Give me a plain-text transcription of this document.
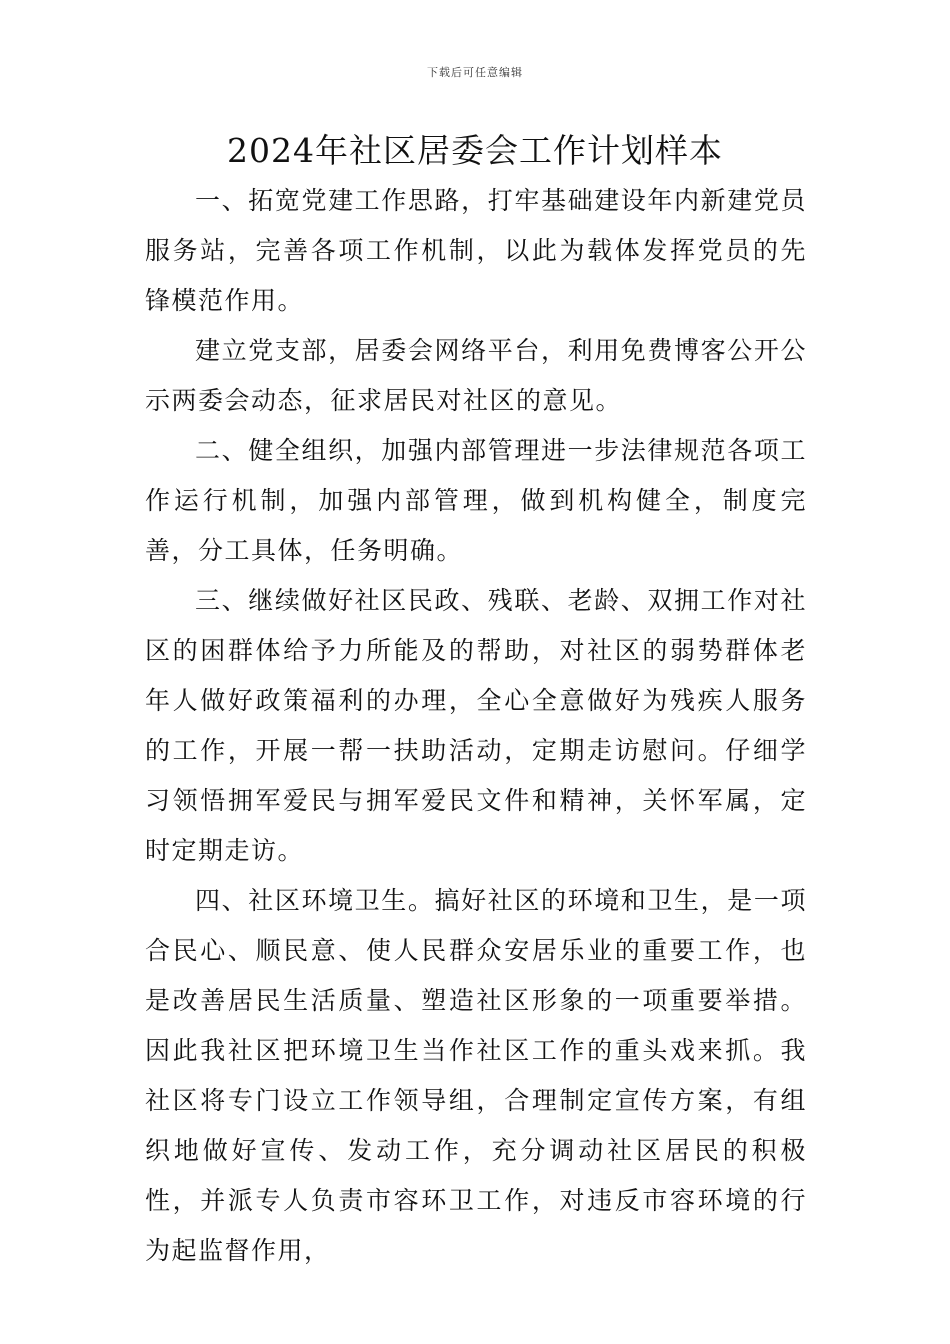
下载后可任意编辑
2024年社区居委会工作计划样本

一、拓宽党建工作思路，打牢基础建设年内新建党员服务站，完善各项工作机制，以此为载体发挥党员的先锋模范作用。

建立党支部，居委会网络平台，利用免费博客公开公示两委会动态，征求居民对社区的意见。

二、健全组织，加强内部管理进一步法律规范各项工作运行机制，加强内部管理，做到机构健全，制度完善，分工具体，任务明确。

三、继续做好社区民政、残联、老龄、双拥工作对社区的困群体给予力所能及的帮助，对社区的弱势群体老年人做好政策福利的办理，全心全意做好为残疾人服务的工作，开展一帮一扶助活动，定期走访慰问。仔细学习领悟拥军爱民与拥军爱民文件和精神，关怀军属，定时定期走访。

四、社区环境卫生。搞好社区的环境和卫生，是一项合民心、顺民意、使人民群众安居乐业的重要工作，也是改善居民生活质量、塑造社区形象的一项重要举措。因此我社区把环境卫生当作社区工作的重头戏来抓。我社区将专门设立工作领导组，合理制定宣传方案，有组织地做好宣传、发动工作，充分调动社区居民的积极性，并派专人负责市容环卫工作，对违反市容环境的行为起监督作用，
